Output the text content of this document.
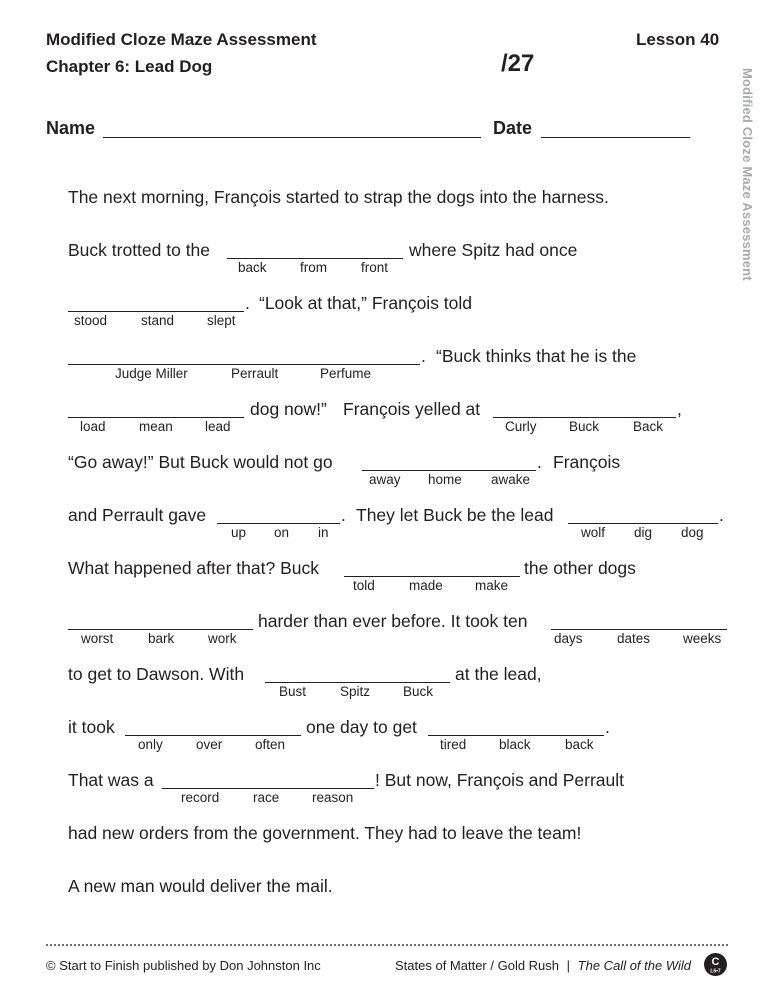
Modified Cloze Maze Assessment
Chapter 6: Lead Dog
Lesson 40
/27
Modified Cloze Maze Assessment
Name	Date
The next morning, François started to strap the dogs into the harness.
Buck trotted to the	where Spitz had once
back from	front
. “Look at that,” François told
stood	stand slept
. “Buck thinks that he is the
Judge Miller	Perrault	Perfume
dog now!” François yelled at	,
load mean lead	Curly Buck	Back
“Go away!” But Buck would not go	. François
away home awake
and Perrault gave	. They let Buck be the lead	.
up on in	wolf dig dog
What happened after that? Buck	the other dogs
told	made make
harder than ever before. It took ten
worst	bark work	days	dates weeks
to get to Dawson. With	at the lead,
Bust	Spitz Buck
it took	one day to get	.
only over often	tired black	back
That was a	! But now, François and Perrault
record race reason
had new orders from the government. They had to leave the team!
A new man would deliver the mail.
© Start to Finish published by Don Johnston Inc	States of Matter / Gold Rush | The Call of the Wild C
L6•7
